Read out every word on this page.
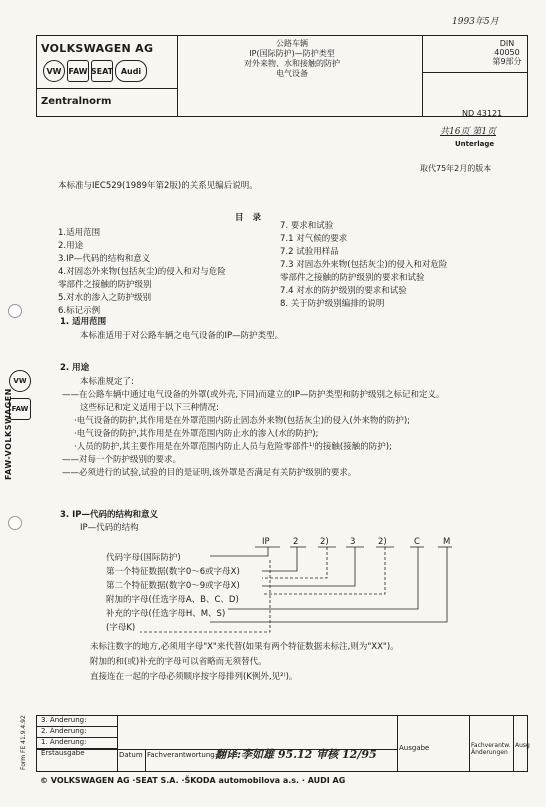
1993年5月
VOLKSWAGEN AG
VW FAW SEAT Audi
Zentralnorm
公路车辆
IP(国际防护)—防护类型
对外来物、水和接触的防护
电气设备
DIN
40050
第9部分
ND 43121
共16页 第1页
Unterlage
取代75年2月的版本
本标准与IEC529(1989年第2版)的关系见编后说明。
目 录
1.适用范围
2.用途
3.IP—代码的结构和意义
4.对固态外来物(包括灰尘)的侵入和对与危险
零部件之接触的防护级别
5.对水的渗入之防护级别
6.标记示例
7. 要求和试验
7.1 对气候的要求
7.2 试验用样品
7.3 对固态外来物(包括灰尘)的侵入和对危险
零部件之接触的防护级别的要求和试验
7.4 对水的防护级别的要求和试验
8. 关于防护级别编排的说明
1. 适用范围
本标准适用于对公路车辆之电气设备的IP—防护类型。
2. 用途
本标准规定了:
——在公路车辆中通过电气设备的外罩(或外壳,下同)而建立的IP—防护类型和防护级别之标记和定义。
这些标记和定义适用于以下三种情况:
·电气设备的防护,其作用是在外罩范围内防止固态外来物(包括灰尘)的侵入(外来物的防护);
·电气设备的防护,其作用是在外罩范围内防止水的渗入(水的防护);
·人员的防护,其主要作用是在外罩范围内防止人员与危险零部件¹⁾的接触(接触的防护);
——对每一个防护级别的要求。
——必须进行的试验,试验的目的是证明,该外罩是否满足有关防护级别的要求。
3. IP—代码的结构和意义
IP—代码的结构
IP	2	2)	3	2)	C	M
代码字母(国际防护)
第一个特征数据(数字0～6或字母X)
第二个特征数据(数字0～9或字母X)
附加的字母(任选字母A、B、C、D)
补充的字母(任选字母H、M、S)
(字母K)
未标注数字的地方,必须用字母"X"来代替(如果有两个特征数据未标注,则为"XX")。
附加的和(或)补充的字母可以省略而无须替代。
直接连在一起的字母必须顺序按字母排列(K例外,见²⁾)。
VW
FAW
FAW-VOLKSWAGEN
3. Änderung:
2. Änderung:
1. Änderung:
Erstausgabe	Datum Fachverantwortung:
翻译:李如雄 95.12 审核 12/95	Ausgabe	Fachverantw. Änderungen
Ausg
Form FE 41.9.4.92
© VOLKSWAGEN AG ·SEAT S.A. ·ŠKODA automobilova a.s. · AUDI AG
